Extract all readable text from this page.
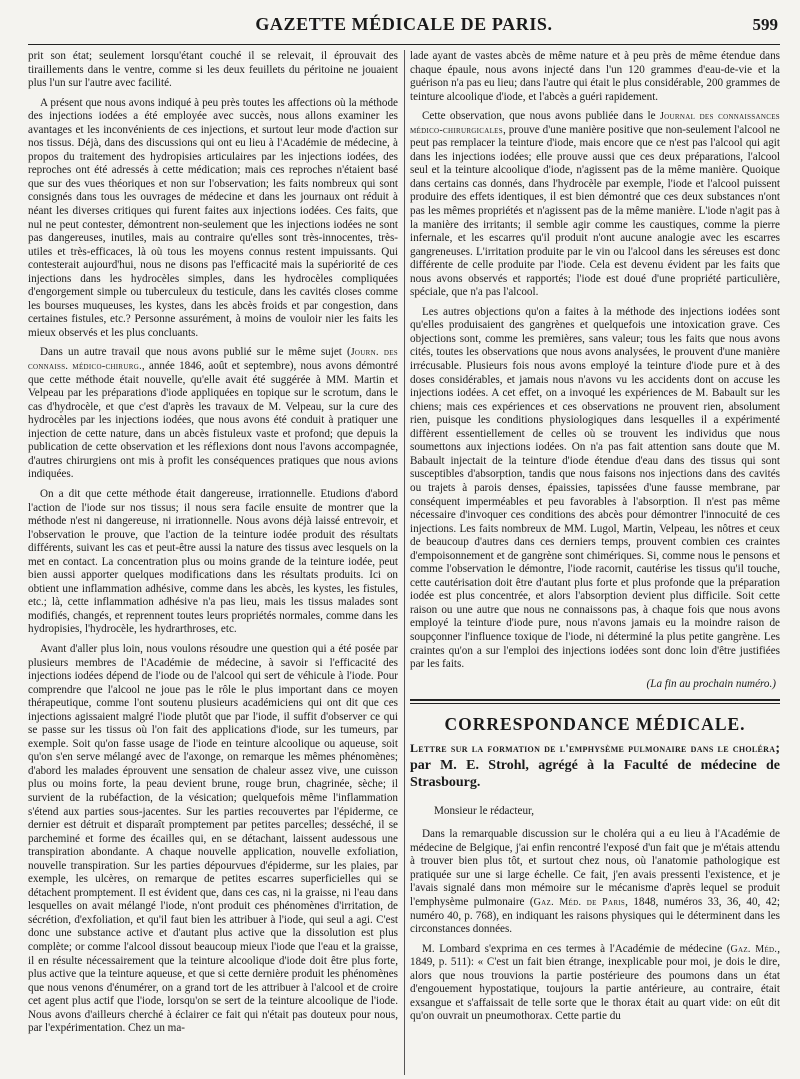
GAZETTE MÉDICALE DE PARIS.	599

prit son état; seulement lorsqu'étant couché il se relevait, il éprouvait des tiraillements dans le ventre, comme si les deux feuillets du péritoine ne jouaient plus l'un sur l'autre avec facilité.

A présent que nous avons indiqué à peu près toutes les affections où la méthode des injections iodées a été employée avec succès, nous allons examiner les avantages et les inconvénients de ces injections, et surtout leur mode d'action sur nos tissus. Déjà, dans des discussions qui ont eu lieu à l'Académie de médecine, à propos du traitement des hydropisies articulaires par les injections iodées, des reproches ont été adressés à cette médication; mais ces reproches n'étaient basé que sur des vues théoriques et non sur l'observation; les faits nombreux qui sont consignés dans tous les ouvrages de médecine et dans les journaux ont réduit à néant les diverses critiques qui furent faites aux injections iodées. Ces faits, que nul ne peut contester, démontrent non-seulement que les injections iodées ne sont pas dangereuses, inutiles, mais au contraire qu'elles sont très-innocentes, très-utiles et très-efficaces, là où tous les moyens connus restent impuissants. Qui contesterait aujourd'hui, nous ne disons pas l'efficacité mais la supériorité de ces injections dans les hydrocèles simples, dans les hydrocèles compliquées d'engorgement simple ou tuberculeux du testicule, dans les cavités closes comme les bourses muqueuses, les kystes, dans les abcès froids et par congestion, dans certaines fistules, etc.? Personne assurément, à moins de vouloir nier les faits les mieux observés et les plus concluants.

Dans un autre travail que nous avons publié sur le même sujet (Journ. des connaiss. médico-chirurg., année 1846, août et septembre), nous avons démontré que cette méthode était nouvelle, qu'elle avait été suggérée à MM. Martin et Velpeau par les préparations d'iode appliquées en topique sur le scrotum, dans le cas d'hydrocèle, et que c'est d'après les travaux de M. Velpeau, sur la cure des hydrocèles par les injections iodées, que nous avons été conduit à pratiquer une injection de cette nature, dans un abcès fistuleux vaste et profond; que depuis la publication de cette observation et les réflexions dont nous l'avons accompagnée, d'autres chirurgiens ont mis à profit les conséquences pratiques que nous avions indiquées.

On a dit que cette méthode était dangereuse, irrationnelle. Etudions d'abord l'action de l'iode sur nos tissus; il nous sera facile ensuite de montrer que la méthode n'est ni dangereuse, ni irrationnelle. Nous avons déjà laissé entrevoir, et l'observation le prouve, que l'action de la teinture iodée produit des résultats différents, suivant les cas et peut-être aussi la nature des tissus avec lesquels on la met en contact. La concentration plus ou moins grande de la teinture iodée, peut bien aussi apporter quelques modifications dans les résultats produits. Ici on obtient une inflammation adhésive, comme dans les abcès, les kystes, les fistules, etc.; là, cette inflammation adhésive n'a pas lieu, mais les tissus malades sont modifiés, changés, et reprennent toutes leurs propriétés normales, comme dans les hydropisies, l'hydrocèle, les hydrarthroses, etc.

Avant d'aller plus loin, nous voulons résoudre une question qui a été posée par plusieurs membres de l'Académie de médecine, à savoir si l'efficacité des injections iodées dépend de l'iode ou de l'alcool qui sert de véhicule à l'iode. Pour comprendre que l'alcool ne joue pas le rôle le plus important dans ce moyen thérapeutique, comme l'ont soutenu plusieurs académiciens qui ont dit que ces injections agissaient malgré l'iode plutôt que par l'iode, il suffit d'observer ce qui se passe sur les tissus où l'on fait des applications d'iode, sur les tumeurs, par exemple. Soit qu'on fasse usage de l'iode en teinture alcoolique ou aqueuse, soit qu'on s'en serve mélangé avec de l'axonge, on remarque les mêmes phénomènes; d'abord les malades éprouvent une sensation de chaleur assez vive, une cuisson plus ou moins forte, la peau devient brune, rouge brun, chagrinée, sèche; il survient de la rubéfaction, de la vésication; quelquefois même l'inflammation s'étend aux parties sous-jacentes. Sur les parties recouvertes par l'épiderme, ce dernier est détruit et disparaît promptement par petites parcelles; desséché, il se parcheminé et forme des écailles qui, en se détachant, laissent audessous une transpiration abondante. A chaque nouvelle application, nouvelle exfoliation, nouvelle transpiration. Sur les parties dépourvues d'épiderme, sur les plaies, par exemple, les ulcères, on remarque de petites escarres superficielles qui se détachent promptement. Il est évident que, dans ces cas, ni la graisse, ni l'eau dans lesquelles on avait mélangé l'iode, n'ont produit ces phénomènes d'irritation, de sécrétion, d'exfoliation, et qu'il faut bien les attribuer à l'iode, qui seul a agi. C'est donc une substance active et d'autant plus active que la dissolution est plus complète; or comme l'alcool dissout beaucoup mieux l'iode que l'eau et la graisse, il en résulte nécessairement que la teinture alcoolique d'iode doit être plus forte, plus active que la teinture aqueuse, et que si cette dernière produit les phénomènes que nous venons d'énumérer, on a grand tort de les attribuer à l'alcool et de croire cet agent plus actif que l'iode, lorsqu'on se sert de la teinture alcoolique de l'iode. Nous avons d'ailleurs cherché à éclairer ce fait qui n'était pas douteux pour nous, par l'expérimentation. Chez un ma-

lade ayant de vastes abcès de même nature et à peu près de même étendue dans chaque épaule, nous avons injecté dans l'un 120 grammes d'eau-de-vie et la guérison n'a pas eu lieu; dans l'autre qui était le plus considérable, 200 grammes de teinture alcoolique d'iode, et l'abcès a guéri rapidement.

Cette observation, que nous avons publiée dans le Journal des connaissances médico-chirurgicales, prouve d'une manière positive que non-seulement l'alcool ne peut pas remplacer la teinture d'iode, mais encore que ce n'est pas l'alcool qui agit dans les injections iodées; elle prouve aussi que ces deux préparations, l'alcool seul et la teinture alcoolique d'iode, n'agissent pas de la même manière. Quoique dans certains cas donnés, dans l'hydrocèle par exemple, l'iode et l'alcool puissent produire des effets identiques, il est bien démontré que ces deux substances n'ont pas les mêmes propriétés et n'agissent pas de la même manière. L'iode n'agit pas à la manière des irritants; il semble agir comme les caustiques, comme la pierre infernale, et les escarres qu'il produit n'ont aucune analogie avec les escarres gangreneuses. L'irritation produite par le vin ou l'alcool dans les séreuses est donc différente de celle produite par l'iode. Cela est devenu évident par les faits que nous avons observés et rapportés; l'iode est doué d'une propriété particulière, spéciale, que n'a pas l'alcool.

Les autres objections qu'on a faites à la méthode des injections iodées sont qu'elles produisaient des gangrènes et quelquefois une intoxication grave. Ces objections sont, comme les premières, sans valeur; tous les faits que nous avons cités, toutes les observations que nous avons analysées, le prouvent d'une manière irrécusable. Plusieurs fois nous avons employé la teinture d'iode pure et à des doses considérables, et jamais nous n'avons vu les accidents dont on accuse les injections iodées. A cet effet, on a invoqué les expériences de M. Babault sur les chiens; mais ces expériences et ces observations ne prouvent rien, absolument rien, puisque les conditions physiologiques dans lesquelles il a expérimenté diffèrent essentiellement de celles où se trouvent les individus que nous soumettons aux injections iodées. On n'a pas fait attention sans doute que M. Babault injectait de la teinture d'iode étendue d'eau dans des tissus qui sont susceptibles d'absorption, tandis que nous faisons nos injections dans des cavités ou trajets à parois denses, épaissies, tapissées d'une fausse membrane, par conséquent imperméables et peu favorables à l'absorption. Il n'est pas même nécessaire d'invoquer ces conditions des abcès pour démontrer l'innocuité de ces injections. Les faits nombreux de MM. Lugol, Martin, Velpeau, les nôtres et ceux de beaucoup d'autres dans ces derniers temps, prouvent combien ces craintes d'empoisonnement et de gangrène sont chimériques. Si, comme nous le pensons et comme l'observation le démontre, l'iode racornit, cautérise les tissus qu'il touche, cette cautérisation doit être d'autant plus forte et plus profonde que la préparation iodée est plus concentrée, et alors l'absorption devient plus difficile. Soit cette raison ou une autre que nous ne connaissons pas, à chaque fois que nous avons employé la teinture d'iode pure, nous n'avons jamais eu la moindre raison de soupçonner l'influence toxique de l'iode, ni déterminé la plus petite gangrène. Les craintes qu'on a sur l'emploi des injections iodées sont donc loin d'être justifiées par les faits.

(La fin au prochain numéro.)

CORRESPONDANCE MÉDICALE.
Lettre sur la formation de l'emphysème pulmonaire dans le choléra; par M. E. Strohl, agrégé à la Faculté de médecine de Strasbourg.

Monsieur le rédacteur,

Dans la remarquable discussion sur le choléra qui a eu lieu à l'Académie de médecine de Belgique, j'ai enfin rencontré l'exposé d'un fait que je m'étais attendu à trouver bien plus tôt, et surtout chez nous, où l'anatomie pathologique est pratiquée sur une si large échelle. Ce fait, j'en avais pressenti l'existence, et je l'avais signalé dans mon mémoire sur le mécanisme d'après lequel se produit l'emphysème pulmonaire (Gaz. Méd. de Paris, 1848, numéros 33, 36, 40, 42; numéro 40, p. 768), en indiquant les raisons physiques qui le déterminent dans les circonstances données.

M. Lombard s'exprima en ces termes à l'Académie de médecine (Gaz. Méd., 1849, p. 511): « C'est un fait bien étrange, inexplicable pour moi, je dois le dire, alors que nous trouvions la partie postérieure des poumons dans un état d'engouement hypostatique, toujours la partie antérieure, au contraire, était exsangue et s'affaissait de telle sorte que le thorax était au quart vide: on eût dit qu'on ouvrait un pneumothorax. Cette partie du
